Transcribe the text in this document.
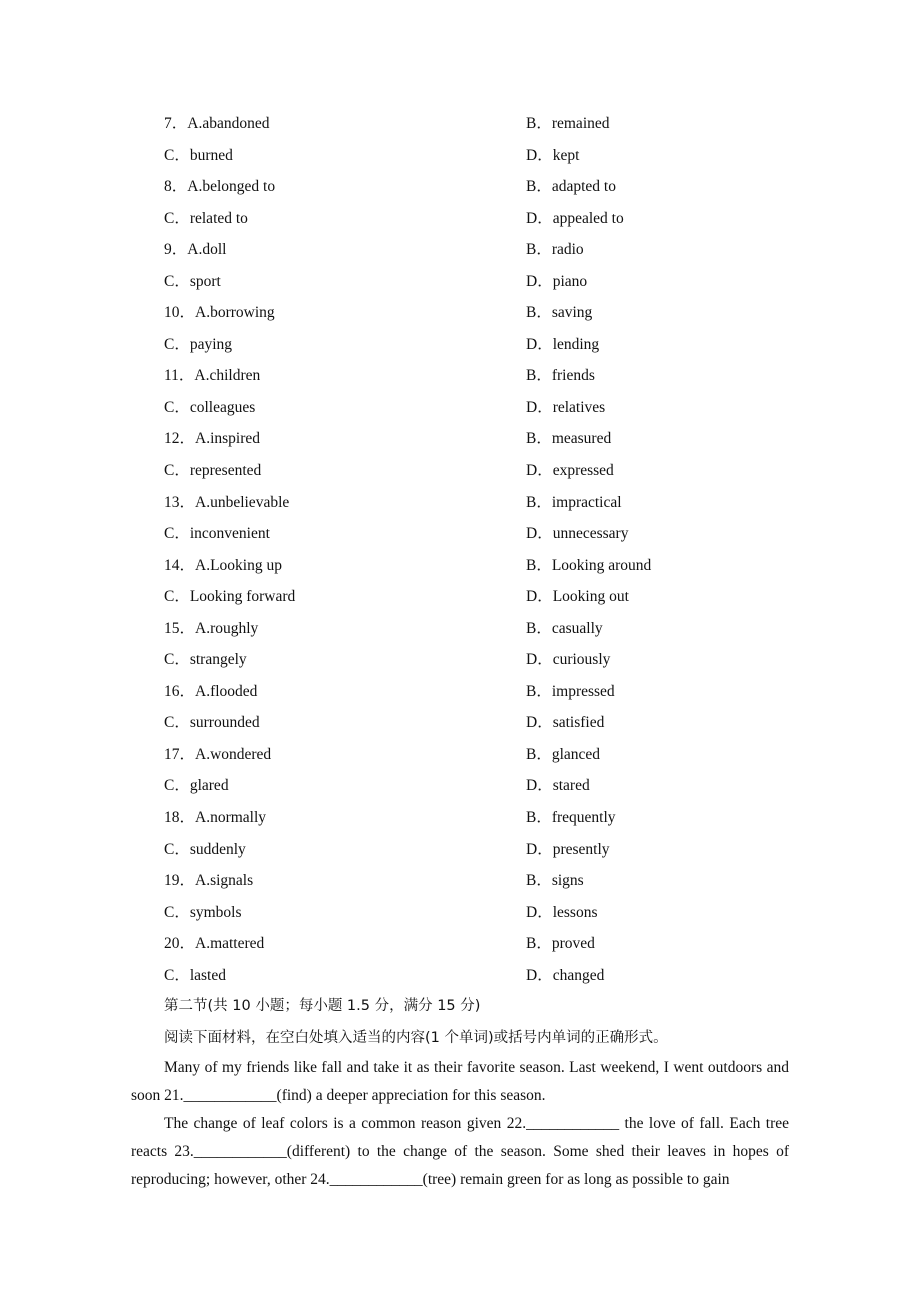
7．A.abandoned	B．remained
C．burned	D．kept
8．A.belonged to	B．adapted to
C．related to	D．appealed to
9．A.doll	B．radio
C．sport	D．piano
10．A.borrowing	B．saving
C．paying	D．lending
11．A.children	B．friends
C．colleagues	D．relatives
12．A.inspired	B．measured
C．represented	D．expressed
13．A.unbelievable	B．impractical
C．inconvenient	D．unnecessary
14．A.Looking up	B．Looking around
C．Looking forward	D．Looking out
15．A.roughly	B．casually
C．strangely	D．curiously
16．A.flooded	B．impressed
C．surrounded	D．satisfied
17．A.wondered	B．glanced
C．glared	D．stared
18．A.normally	B．frequently
C．suddenly	D．presently
19．A.signals	B．signs
C．symbols	D．lessons
20．A.mattered	B．proved
C．lasted	D．changed
第二节(共 10 小题；每小题 1.5 分，满分 15 分)
阅读下面材料，在空白处填入适当的内容(1 个单词)或括号内单词的正确形式。

Many of my friends like fall and take it as their favorite season. Last weekend, I went outdoors and soon 21.____________(find) a deeper appreciation for this season.

The change of leaf colors is a common reason given 22.____________ the love of fall. Each tree reacts 23.____________(different) to the change of the season. Some shed their leaves in hopes of reproducing; however, other 24.____________(tree) remain green for as long as possible to gain
